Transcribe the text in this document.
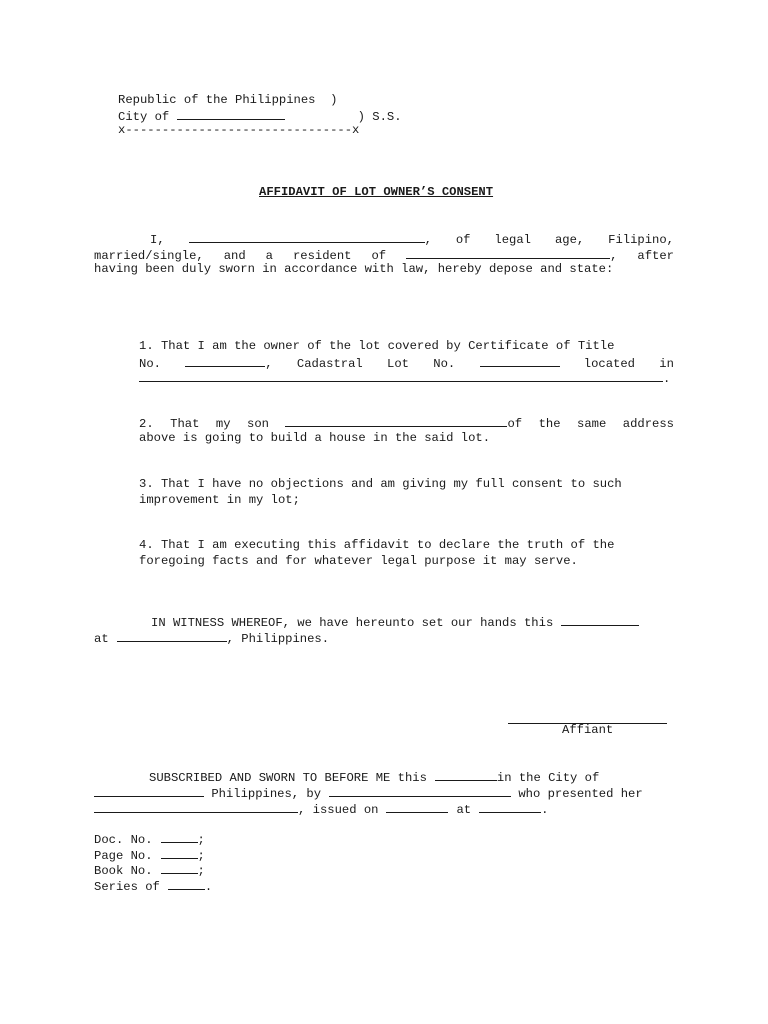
Republic of the Philippines  )
City of	) S.S.
x-------------------------------x
AFFIDAVIT OF LOT OWNER’S CONSENT
I,	, of legal age, Filipino,
married/single, and a resident of	, after
having been duly sworn in accordance with law, hereby depose and state:
1. That I am the owner of the lot covered by Certificate of Title
No.	, Cadastral Lot No.	located in
.
2. That my son	of the same address
above is going to build a house in the said lot.
3. That I have no objections and am giving my full consent to such
improvement in my lot;
4. That I am executing this affidavit to declare the truth of the
foregoing facts and for whatever legal purpose it may serve.
IN WITNESS WHEREOF, we have hereunto set our hands this
at	, Philippines.
Affiant
SUBSCRIBED AND SWORN TO BEFORE ME this	in the City of
Philippines, by	who presented her
, issued on	at	.
Doc. No.	;
Page No.	;
Book No.	;
Series of	.
